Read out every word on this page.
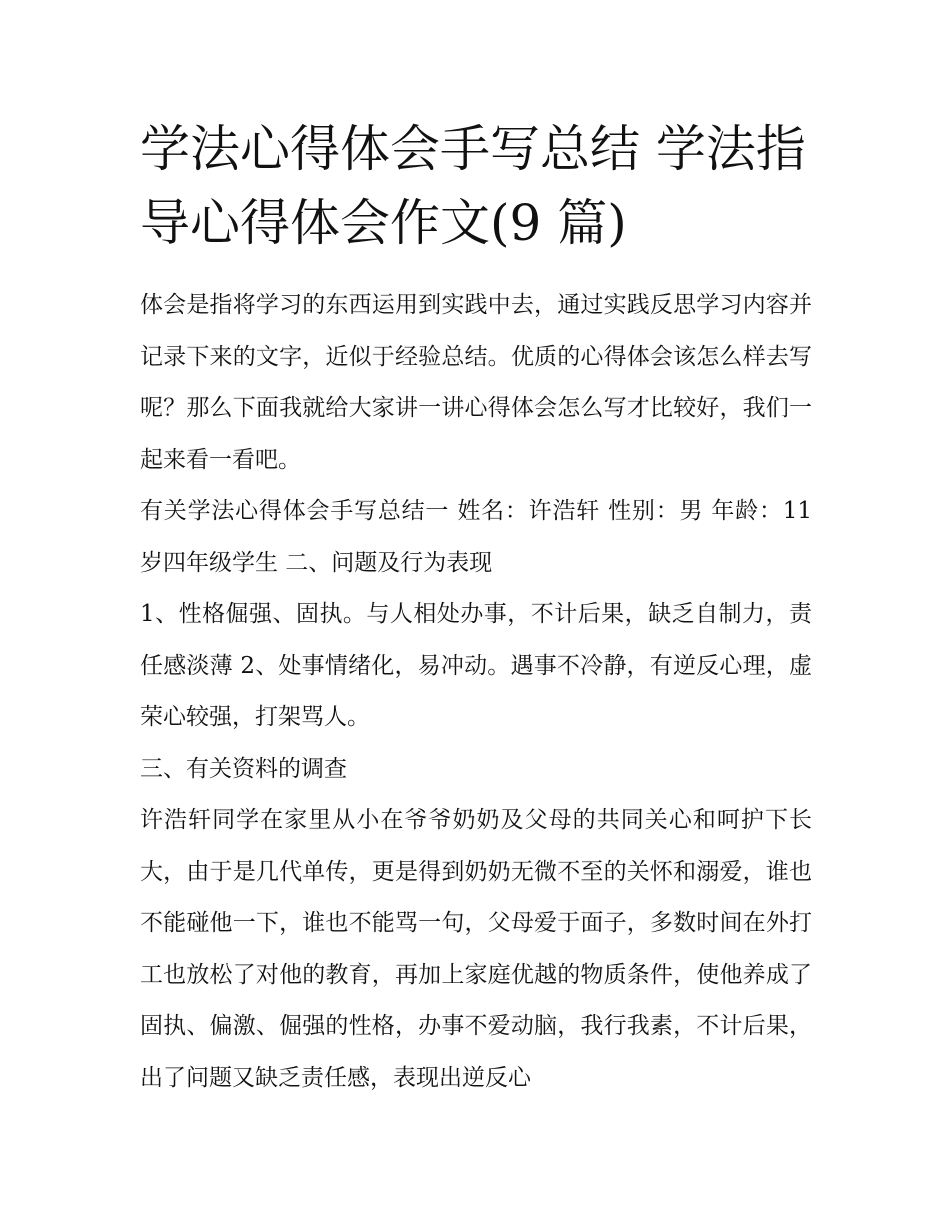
学法心得体会手写总结 学法指导心得体会作文(9 篇)

体会是指将学习的东西运用到实践中去，通过实践反思学习内容并记录下来的文字，近似于经验总结。优质的心得体会该怎么样去写呢？那么下面我就给大家讲一讲心得体会怎么写才比较好，我们一起来看一看吧。

有关学法心得体会手写总结一 姓名：许浩轩 性别：男 年龄：11 岁四年级学生 二、问题及行为表现

1、性格倔强、固执。与人相处办事，不计后果，缺乏自制力，责任感淡薄 2、处事情绪化，易冲动。遇事不冷静，有逆反心理，虚荣心较强，打架骂人。

三、有关资料的调查

许浩轩同学在家里从小在爷爷奶奶及父母的共同关心和呵护下长大，由于是几代单传，更是得到奶奶无微不至的关怀和溺爱，谁也不能碰他一下，谁也不能骂一句，父母爱于面子，多数时间在外打工也放松了对他的教育，再加上家庭优越的物质条件，使他养成了固执、偏激、倔强的性格，办事不爱动脑，我行我素，不计后果，出了问题又缺乏责任感，表现出逆反心
